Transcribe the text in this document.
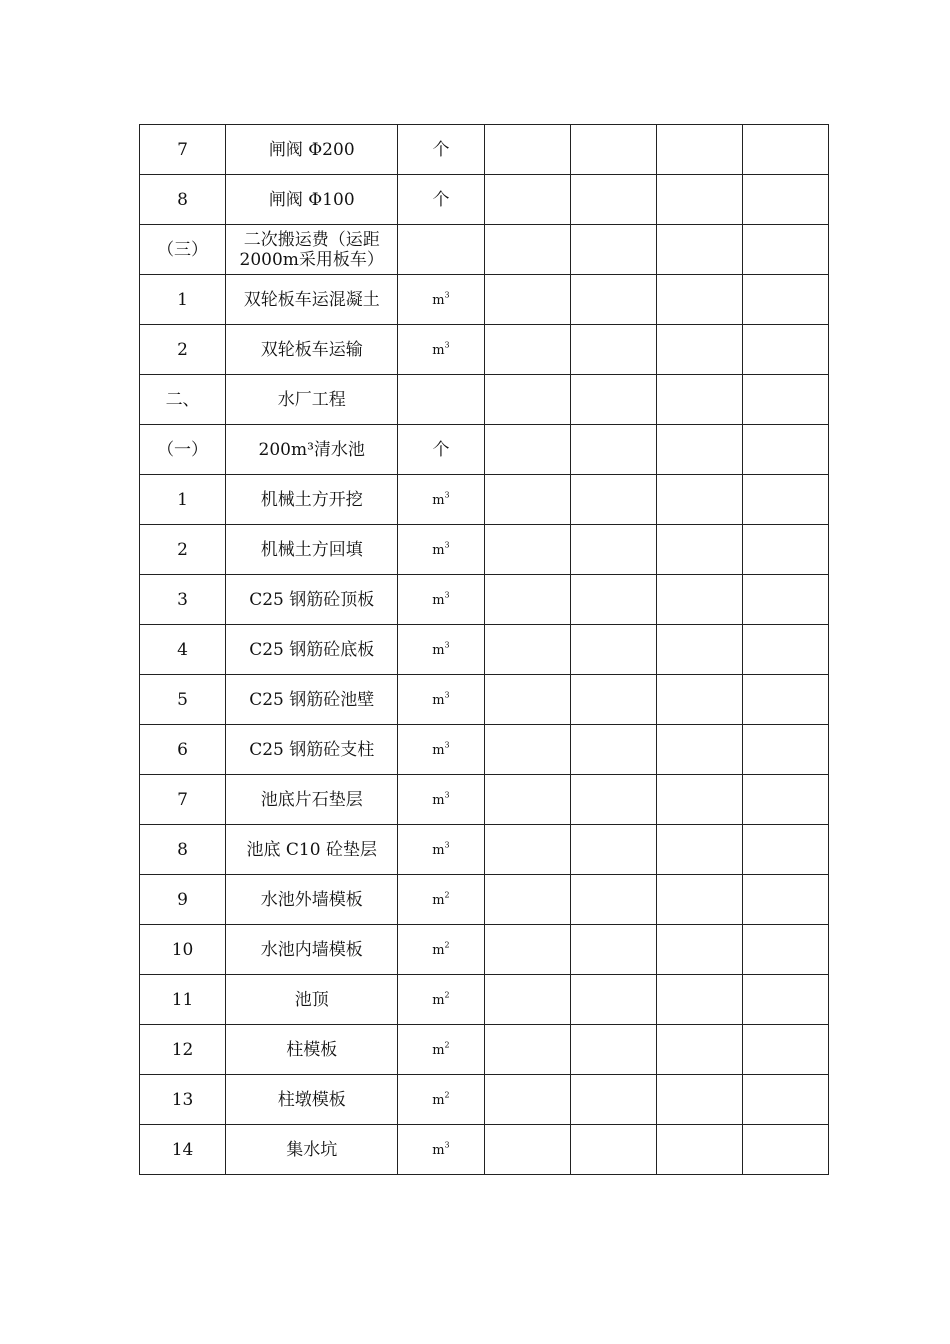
7	闸阀 Φ200	个				
8	闸阀 Φ100	个				
（三）	二次搬运费（运距2000m采用板车）					
1	双轮板车运混凝土	$m^3$				
2	双轮板车运输	$m^3$				
二、	水厂工程					
（一）	200m³清水池	个				
1	机械土方开挖	$m^3$				
2	机械土方回填	$m^3$				
3	C25 钢筋砼顶板	$m^3$				
4	C25 钢筋砼底板	$m^3$				
5	C25 钢筋砼池壁	$m^3$				
6	C25 钢筋砼支柱	$m^3$				
7	池底片石垫层	$m^3$				
8	池底 C10 砼垫层	$m^3$				
9	水池外墙模板	$m^2$				
10	水池内墙模板	$m^2$				
11	池顶	$m^2$				
12	柱模板	$m^2$				
13	柱墩模板	$m^2$				
14	集水坑	$m^3$				
